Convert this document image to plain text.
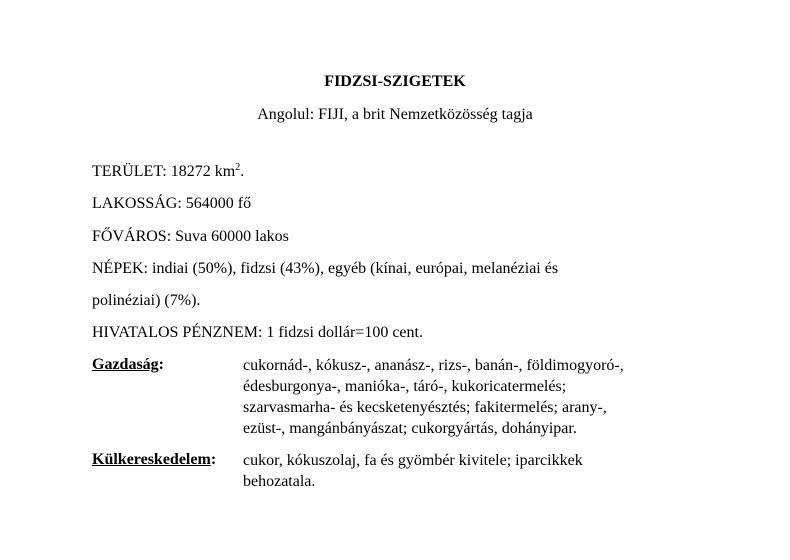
FIDZSI-SZIGETEK
Angolul: FIJI, a brit Nemzetközösség tagja
TERÜLET: 18272 $km^2$.
LAKOSSÁG: 564000 fő
FŐVÁROS: Suva 60000 lakos
NÉPEK: indiai (50%), fidzsi (43%), egyéb (kínai, európai, melanéziai és
polinéziai) (7%).
HIVATALOS PÉNZNEM: 1 fidzsi dollár=100 cent.
Gazdaság:	cukornád-, kókusz-, ananász-, rizs-, banán-, földimogyoró-,
édesburgonya-, manióka-, táró-, kukoricatermelés;
szarvasmarha- és kecsketenyésztés; fakitermelés; arany-,
ezüst-, mangánbányászat; cukorgyártás, dohányipar.
Külkereskedelem: cukor, kókuszolaj, fa és gyömbér kivitele; iparcikkek
behozatala.
